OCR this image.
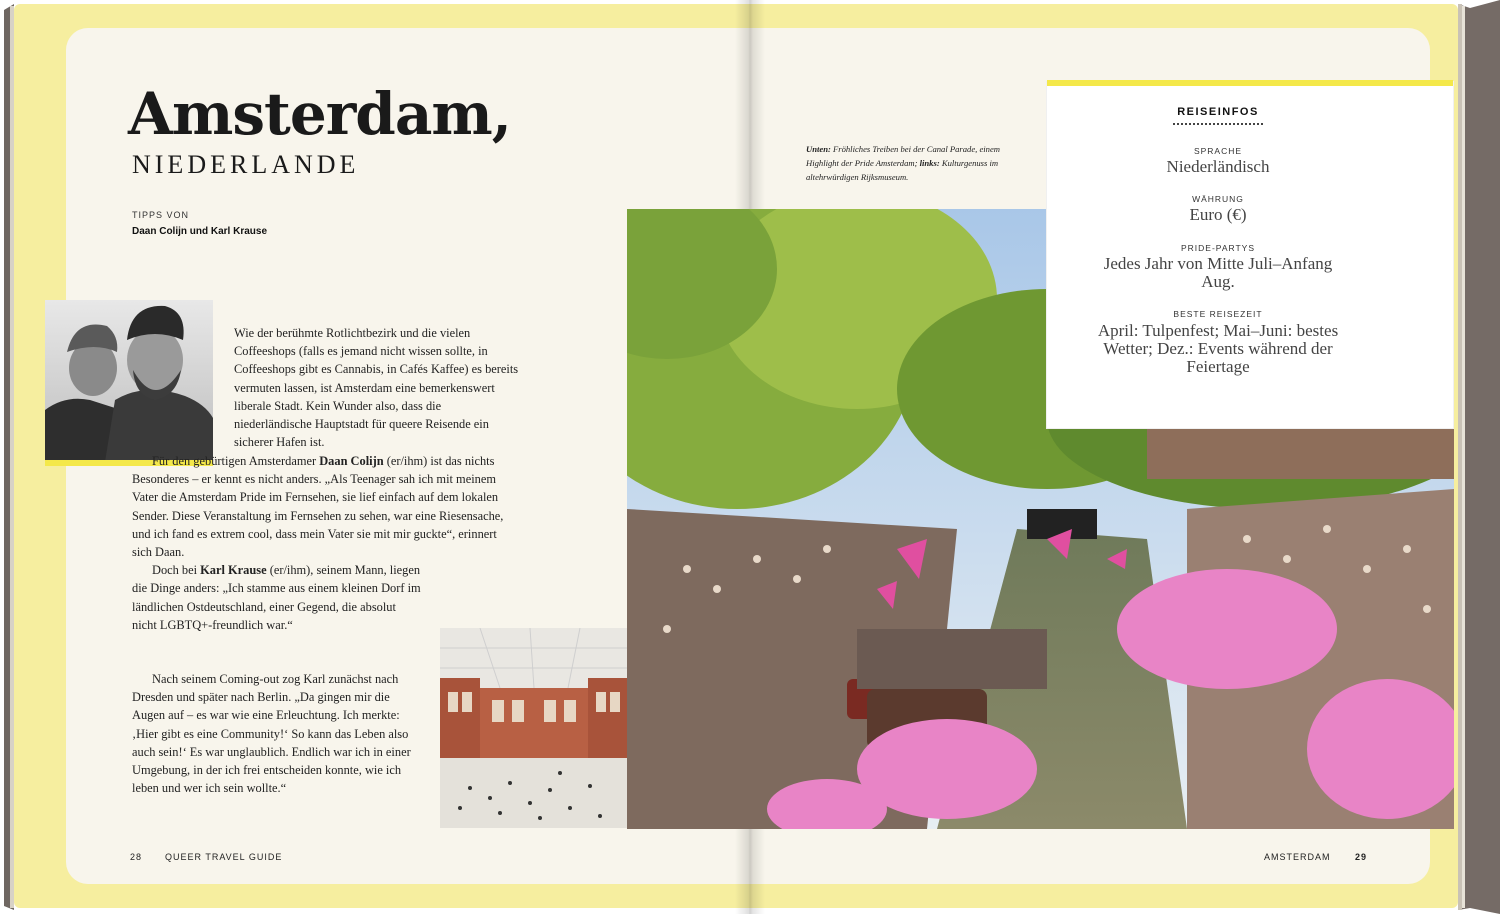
Amsterdam,
NIEDERLANDE
TIPPS VON
Daan Colijn und Karl Krause

Wie der berühmte Rotlichtbezirk und die vielen Coffeeshops (falls es jemand nicht wissen sollte, in Coffeeshops gibt es Cannabis, in Cafés Kaffee) es bereits vermuten lassen, ist Amsterdam eine bemerkenswert liberale Stadt. Kein Wunder also, dass die niederländische Hauptstadt für queere Reisende ein sicherer Hafen ist.

Für den gebürtigen Amsterdamer Daan Colijn (er/ihm) ist das nichts Besonderes – er kennt es nicht anders. „Als Teenager sah ich mit meinem Vater die Amsterdam Pride im Fernsehen, sie lief einfach auf dem lokalen Sender. Diese Veranstaltung im Fernsehen zu sehen, war eine Riesensache, und ich fand es extrem cool, dass mein Vater sie mit mir guckte“, erinnert sich Daan.

Doch bei Karl Krause (er/ihm), seinem Mann, liegen die Dinge anders: „Ich stamme aus einem kleinen Dorf im ländlichen Ostdeutschland, einer Gegend, die absolut nicht LGBTQ+-freundlich war.“

Nach seinem Coming-out zog Karl zunächst nach Dresden und später nach Berlin. „Da gingen mir die Augen auf – es war wie eine Erleuchtung. Ich merkte: ‚Hier gibt es eine Community!‘ So kann das Leben also auch sein!‘ Es war unglaublich. Endlich war ich in einer Umgebung, in der ich frei entscheiden konnte, wie ich leben und wer ich sein wollte.“

Unten: Fröhliches Treiben bei der Canal Parade, einem Highlight der Pride Amsterdam; links: Kulturgenuss im altehrwürdigen Rijksmuseum.
REISEINFOS
SPRACHE
Niederländisch
WÄHRUNG
Euro (€)
PRIDE-PARTYS
Jedes Jahr von Mitte Juli–Anfang Aug.
BESTE REISEZEIT
April: Tulpenfest; Mai–Juni: bestes Wetter; Dez.: Events während der Feiertage
28	QUEER TRAVEL GUIDE	AMSTERDAM	29
